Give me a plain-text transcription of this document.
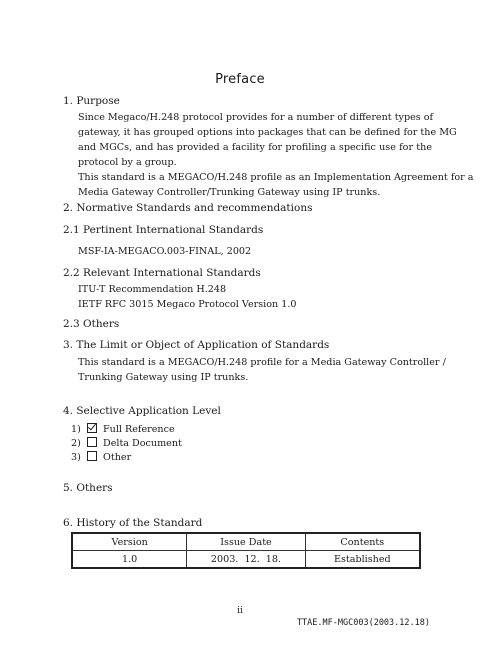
Preface
1. Purpose
Since Megaco/H.248 protocol provides for a number of different types of
gateway, it has grouped options into packages that can be defined for the MG
and MGCs, and has provided a facility for profiling a specific use for the
protocol by a group.
This standard is a MEGACO/H.248 profile as an Implementation Agreement for a
Media Gateway Controller/Trunking Gateway using IP trunks.
2. Normative Standards and recommendations
2.1 Pertinent International Standards
MSF-IA-MEGACO.003-FINAL, 2002
2.2 Relevant International Standards
ITU-T Recommendation H.248
IETF RFC 3015 Megaco Protocol Version 1.0
2.3 Others
3. The Limit or Object of Application of Standards
This standard is a MEGACO/H.248 profile for a Media Gateway Controller /
Trunking Gateway using IP trunks.
4. Selective Application Level
1) Full Reference
2) Delta Document
3) Other
5. Others
6. History of the Standard
Version	Issue Date	Contents
1.0	2003.  12.  18.	Established
ii
TTAE.MF-MGC003(2003.12.18)
